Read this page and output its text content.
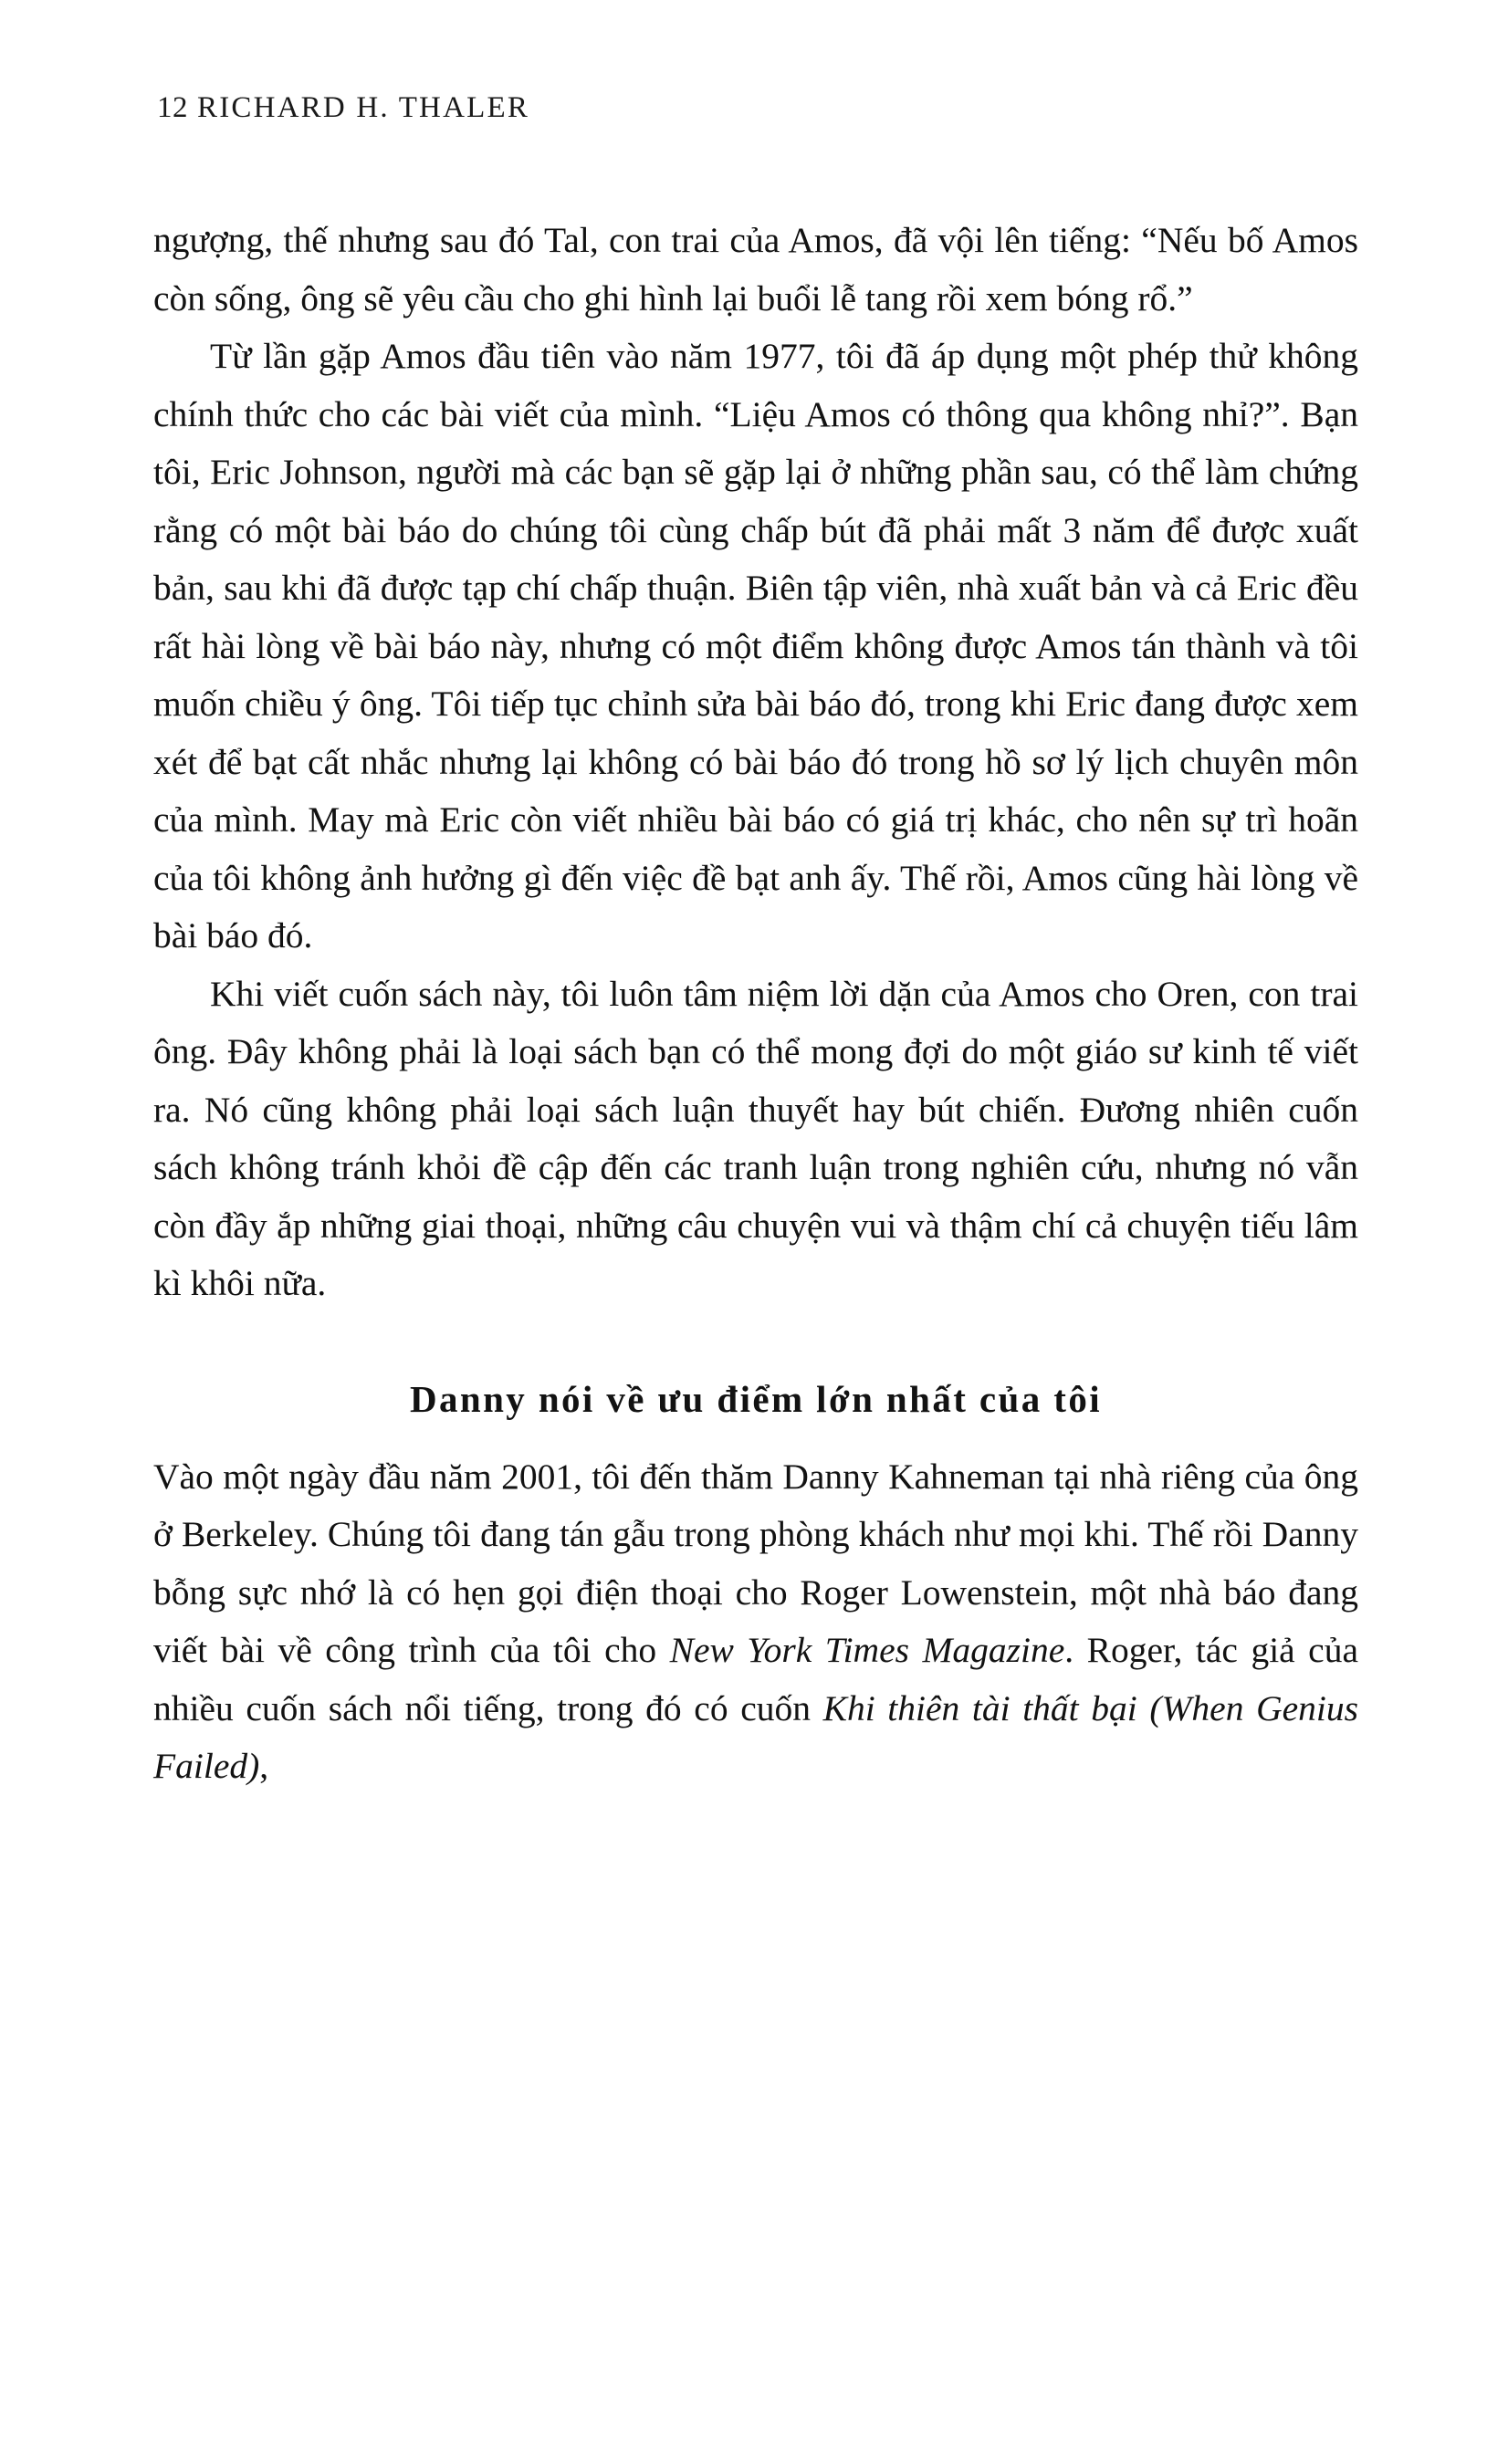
12 RICHARD H. THALER

ngượng, thế nhưng sau đó Tal, con trai của Amos, đã vội lên tiếng: “Nếu bố Amos còn sống, ông sẽ yêu cầu cho ghi hình lại buổi lễ tang rồi xem bóng rổ.”

Từ lần gặp Amos đầu tiên vào năm 1977, tôi đã áp dụng một phép thử không chính thức cho các bài viết của mình. “Liệu Amos có thông qua không nhỉ?”. Bạn tôi, Eric Johnson, người mà các bạn sẽ gặp lại ở những phần sau, có thể làm chứng rằng có một bài báo do chúng tôi cùng chấp bút đã phải mất 3 năm để được xuất bản, sau khi đã được tạp chí chấp thuận. Biên tập viên, nhà xuất bản và cả Eric đều rất hài lòng về bài báo này, nhưng có một điểm không được Amos tán thành và tôi muốn chiều ý ông. Tôi tiếp tục chỉnh sửa bài báo đó, trong khi Eric đang được xem xét để bạt cất nhắc nhưng lại không có bài báo đó trong hồ sơ lý lịch chuyên môn của mình. May mà Eric còn viết nhiều bài báo có giá trị khác, cho nên sự trì hoãn của tôi không ảnh hưởng gì đến việc đề bạt anh ấy. Thế rồi, Amos cũng hài lòng về bài báo đó.

Khi viết cuốn sách này, tôi luôn tâm niệm lời dặn của Amos cho Oren, con trai ông. Đây không phải là loại sách bạn có thể mong đợi do một giáo sư kinh tế viết ra. Nó cũng không phải loại sách luận thuyết hay bút chiến. Đương nhiên cuốn sách không tránh khỏi đề cập đến các tranh luận trong nghiên cứu, nhưng nó vẫn còn đầy ắp những giai thoại, những câu chuyện vui và thậm chí cả chuyện tiếu lâm kì khôi nữa.

Danny nói về ưu điểm lớn nhất của tôi

Vào một ngày đầu năm 2001, tôi đến thăm Danny Kahneman tại nhà riêng của ông ở Berkeley. Chúng tôi đang tán gẫu trong phòng khách như mọi khi. Thế rồi Danny bỗng sực nhớ là có hẹn gọi điện thoại cho Roger Lowenstein, một nhà báo đang viết bài về công trình của tôi cho New York Times Magazine. Roger, tác giả của nhiều cuốn sách nổi tiếng, trong đó có cuốn Khi thiên tài thất bại (When Genius Failed),
